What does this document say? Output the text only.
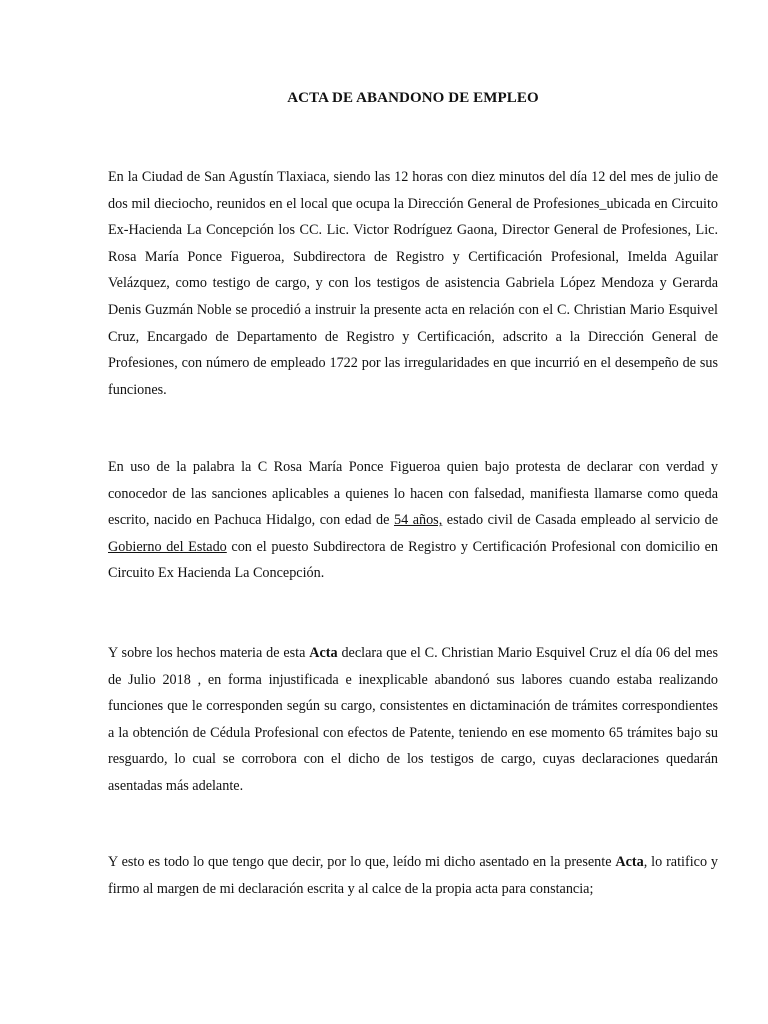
ACTA DE ABANDONO DE EMPLEO

En la Ciudad de San Agustín Tlaxiaca, siendo las 12 horas con diez minutos del día 12 del mes de julio de dos mil dieciocho, reunidos en el local que ocupa la Dirección General de Profesiones_ubicada en Circuito Ex-Hacienda La Concepción los CC. Lic. Victor Rodríguez Gaona, Director General de Profesiones, Lic. Rosa María Ponce Figueroa, Subdirectora de Registro y Certificación Profesional, Imelda Aguilar Velázquez, como testigo de cargo, y con los testigos de asistencia Gabriela López Mendoza y Gerarda Denis Guzmán Noble se procedió a instruir la presente acta en relación con el C. Christian Mario Esquivel Cruz, Encargado de Departamento de Registro y Certificación, adscrito a la Dirección General de Profesiones, con número de empleado 1722 por las irregularidades en que incurrió en el desempeño de sus funciones.

En uso de la palabra la C Rosa María Ponce Figueroa quien bajo protesta de declarar con verdad y conocedor de las sanciones aplicables a quienes lo hacen con falsedad, manifiesta llamarse como queda escrito, nacido en Pachuca Hidalgo, con edad de 54 años, estado civil de Casada empleado al servicio de Gobierno del Estado con el puesto Subdirectora de Registro y Certificación Profesional con domicilio en Circuito Ex Hacienda La Concepción.

Y sobre los hechos materia de esta Acta declara que el C. Christian Mario Esquivel Cruz el día 06 del mes de Julio 2018 , en forma injustificada e inexplicable abandonó sus labores cuando estaba realizando funciones que le corresponden según su cargo, consistentes en dictaminación de trámites correspondientes a la obtención de Cédula Profesional con efectos de Patente, teniendo en ese momento 65 trámites bajo su resguardo, lo cual se corrobora con el dicho de los testigos de cargo, cuyas declaraciones quedarán asentadas más adelante.

Y esto es todo lo que tengo que decir, por lo que, leído mi dicho asentado en la presente Acta, lo ratifico y firmo al margen de mi declaración escrita y al calce de la propia acta para constancia;
